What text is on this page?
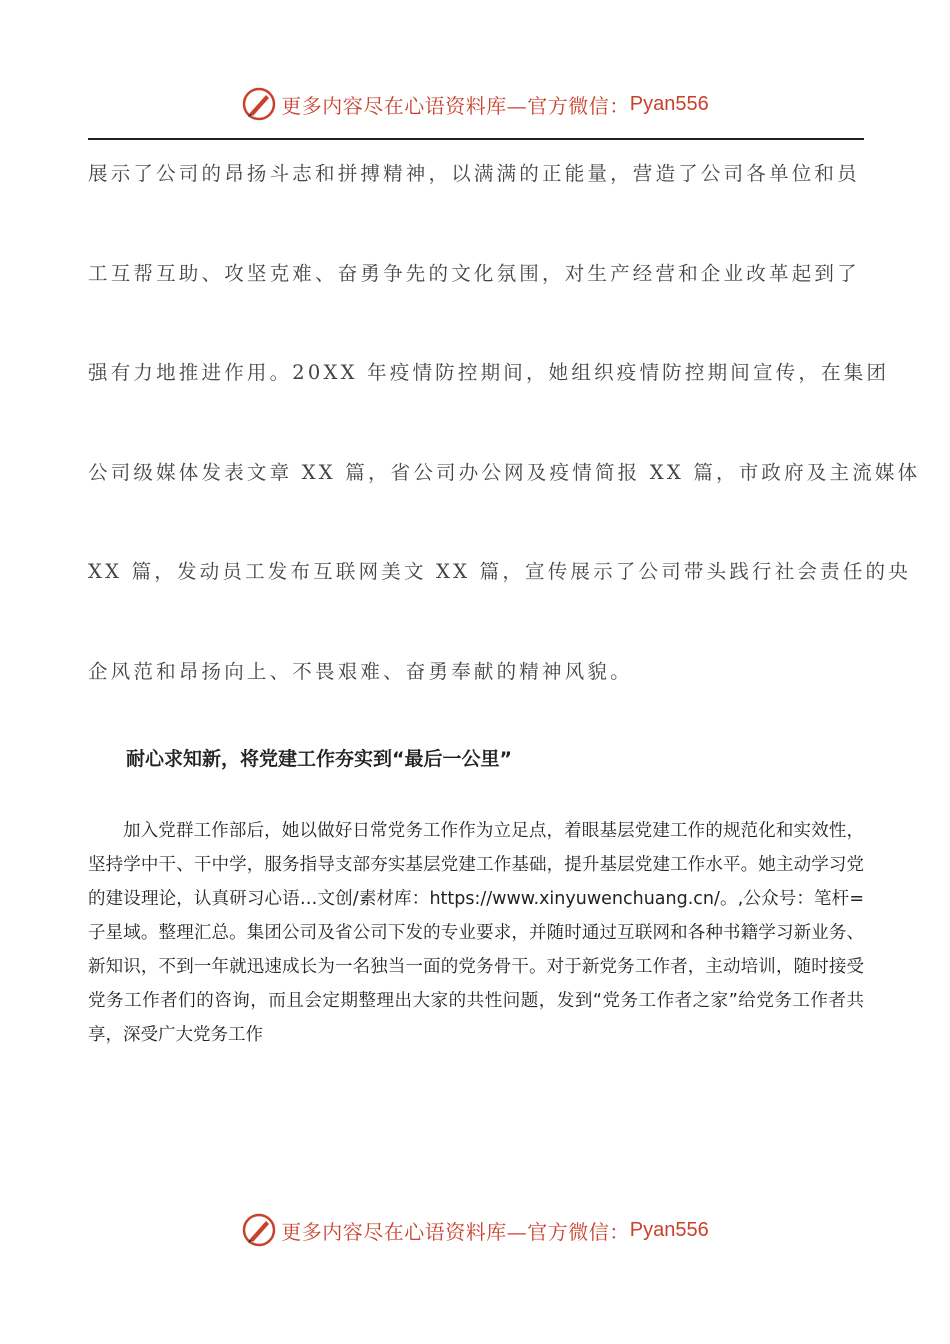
更多内容尽在心语资料库—官方微信： Pyan556
展示了公司的昂扬斗志和拼搏精神，以满满的正能量，营造了公司各单位和员
工互帮互助、攻坚克难、奋勇争先的文化氛围，对生产经营和企业改革起到了
强有力地推进作用。20XX 年疫情防控期间，她组织疫情防控期间宣传，在集团
公司级媒体发表文章 XX 篇，省公司办公网及疫情简报 XX 篇，市政府及主流媒体
XX 篇，发动员工发布互联网美文 XX 篇，宣传展示了公司带头践行社会责任的央
企风范和昂扬向上、不畏艰难、奋勇奉献的精神风貌。
耐心求知新，将党建工作夯实到“最后一公里”

加入党群工作部后，她以做好日常党务工作作为立足点，着眼基层党建工作的规范化和实效性，坚持学中干、干中学，服务指导支部夯实基层党建工作基础，提升基层党建工作水平。她主动学习党的建设理论，认真研习心语…文创/素材库：https://www.xinyuwenchuang.cn/。,公众号：笔杆=子星域。整理汇总。集团公司及省公司下发的专业要求，并随时通过互联网和各种书籍学习新业务、新知识，不到一年就迅速成长为一名独当一面的党务骨干。对于新党务工作者，主动培训，随时接受党务工作者们的咨询，而且会定期整理出大家的共性问题，发到“党务工作者之家”给党务工作者共享，深受广大党务工作

更多内容尽在心语资料库—官方微信： Pyan556
